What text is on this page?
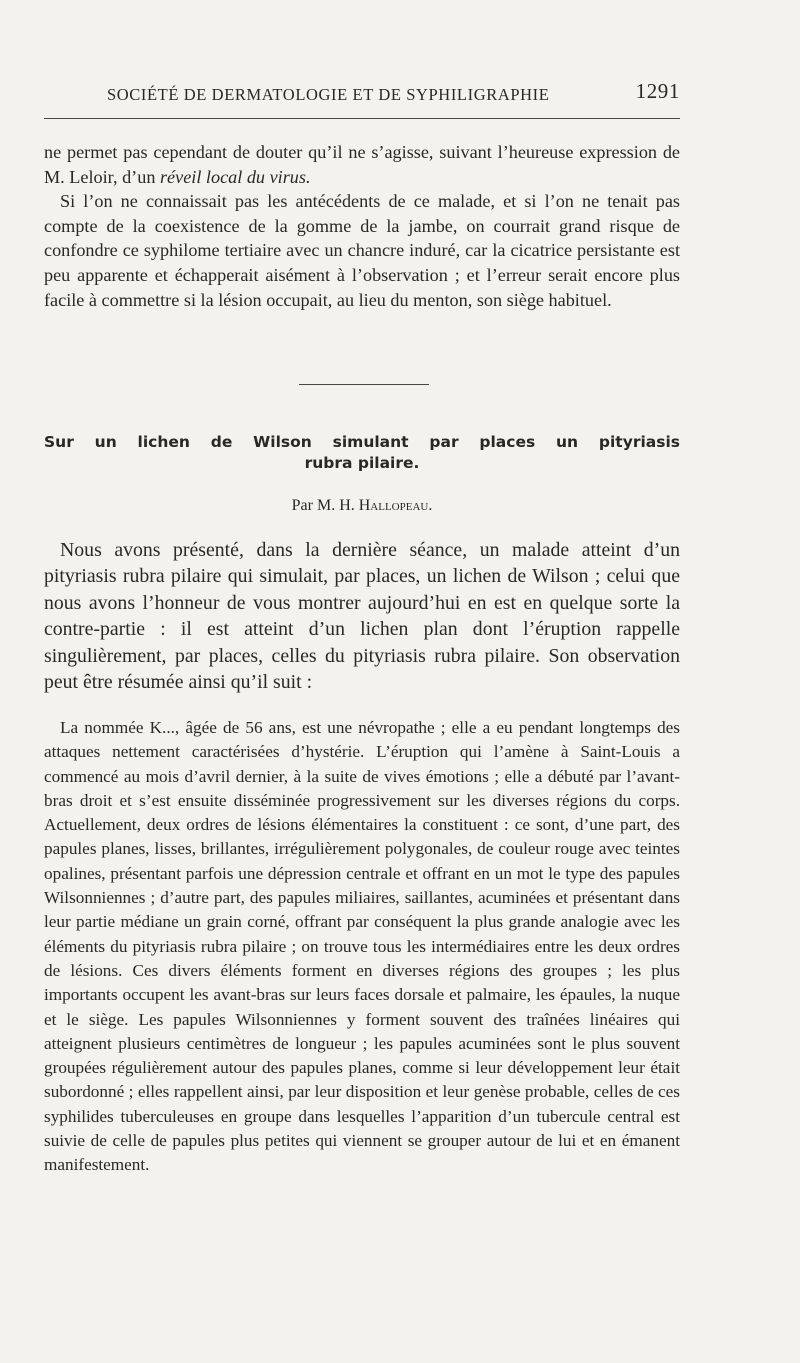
SOCIÉTÉ DE DERMATOLOGIE ET DE SYPHILIGRAPHIE	1291

ne permet pas cependant de douter qu’il ne s’agisse, suivant l’heureuse expression de M. Leloir, d’un réveil local du virus.

Si l’on ne connaissait pas les antécédents de ce malade, et si l’on ne tenait pas compte de la coexistence de la gomme de la jambe, on courrait grand risque de confondre ce syphilome tertiaire avec un chancre induré, car la cicatrice persistante est peu apparente et échapperait aisément à l’observation ; et l’erreur serait encore plus facile à commettre si la lésion occupait, au lieu du menton, son siège habituel.

Sur un lichen de Wilson simulant par places un pityriasis
rubra pilaire.
Par M. H. Hallopeau.

Nous avons présenté, dans la dernière séance, un malade atteint d’un pityriasis rubra pilaire qui simulait, par places, un lichen de Wilson ; celui que nous avons l’honneur de vous montrer aujourd’hui en est en quelque sorte la contre-partie : il est atteint d’un lichen plan dont l’éruption rappelle singulièrement, par places, celles du pityriasis rubra pilaire. Son observation peut être résumée ainsi qu’il suit :

La nommée K..., âgée de 56 ans, est une névropathe ; elle a eu pendant longtemps des attaques nettement caractérisées d’hystérie. L’éruption qui l’amène à Saint-Louis a commencé au mois d’avril dernier, à la suite de vives émotions ; elle a débuté par l’avant-bras droit et s’est ensuite disséminée progressivement sur les diverses régions du corps. Actuellement, deux ordres de lésions élémentaires la constituent : ce sont, d’une part, des papules planes, lisses, brillantes, irrégulièrement polygonales, de couleur rouge avec teintes opalines, présentant parfois une dépression centrale et offrant en un mot le type des papules Wilsonniennes ; d’autre part, des papules miliaires, saillantes, acuminées et présentant dans leur partie médiane un grain corné, offrant par conséquent la plus grande analogie avec les éléments du pityriasis rubra pilaire ; on trouve tous les intermédiaires entre les deux ordres de lésions. Ces divers éléments forment en diverses régions des groupes ; les plus importants occupent les avant-bras sur leurs faces dorsale et palmaire, les épaules, la nuque et le siège. Les papules Wilsonniennes y forment souvent des traînées linéaires qui atteignent plusieurs centimètres de longueur ; les papules acuminées sont le plus souvent groupées régulièrement autour des papules planes, comme si leur développement leur était subordonné ; elles rappellent ainsi, par leur disposition et leur genèse probable, celles de ces syphilides tuberculeuses en groupe dans lesquelles l’apparition d’un tubercule central est suivie de celle de papules plus petites qui viennent se grouper autour de lui et en émanent manifestement.
